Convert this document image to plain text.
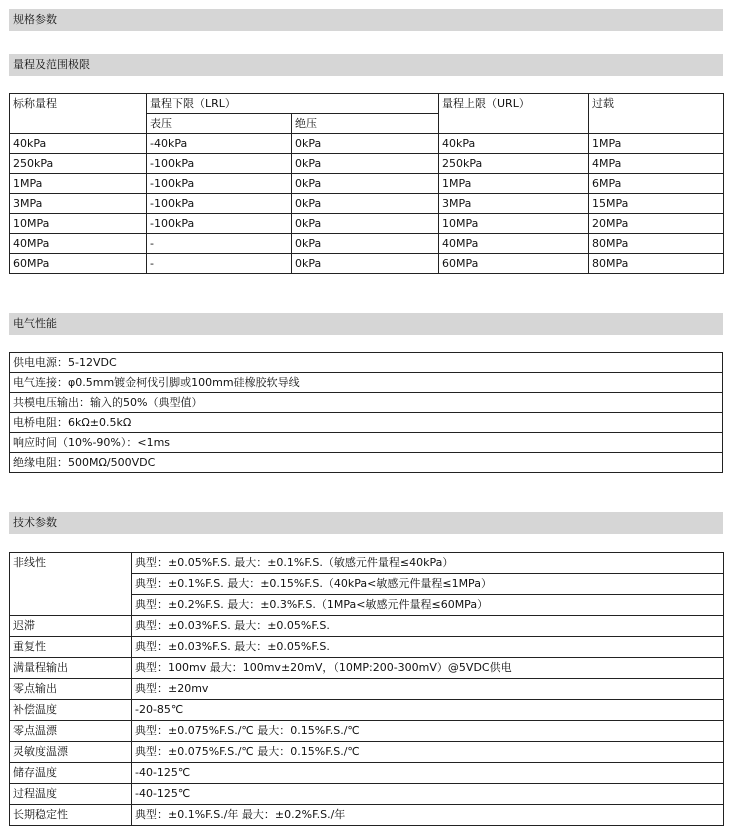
规格参数
量程及范围极限
标称量程	量程下限（LRL）		量程上限（URL）	过载
	表压	绝压		
40kPa	-40kPa	0kPa	40kPa	1MPa
250kPa	-100kPa	0kPa	250kPa	4MPa
1MPa	-100kPa	0kPa	1MPa	6MPa
3MPa	-100kPa	0kPa	3MPa	15MPa
10MPa	-100kPa	0kPa	10MPa	20MPa
40MPa	-	0kPa	40MPa	80MPa
60MPa	-	0kPa	60MPa	80MPa
电气性能
供电电源：5-12VDC
电气连接：φ0.5mm镀金柯伐引脚或100mm硅橡胶软导线
共模电压输出：输入的50%（典型值）
电桥电阻：6kΩ±0.5kΩ
响应时间（10%-90%）：<1ms
绝缘电阻：500MΩ/500VDC
技术参数
非线性	典型：±0.05%F.S. 最大：±0.1%F.S.（敏感元件量程≤40kPa）
	典型：±0.1%F.S. 最大：±0.15%F.S.（40kPa<敏感元件量程≤1MPa）
	典型：±0.2%F.S. 最大：±0.3%F.S.（1MPa<敏感元件量程≤60MPa）
迟滞	典型：±0.03%F.S. 最大：±0.05%F.S.
重复性	典型：±0.03%F.S. 最大：±0.05%F.S.
满量程输出	典型：100mv 最大：100mv±20mV，（10MP:200-300mV）@5VDC供电
零点输出	典型：±20mv
补偿温度	-20-85℃
零点温漂	典型：±0.075%F.S./℃ 最大：0.15%F.S./℃
灵敏度温漂	典型：±0.075%F.S./℃ 最大：0.15%F.S./℃
储存温度	-40-125℃
过程温度	-40-125℃
长期稳定性	典型：±0.1%F.S./年 最大：±0.2%F.S./年
